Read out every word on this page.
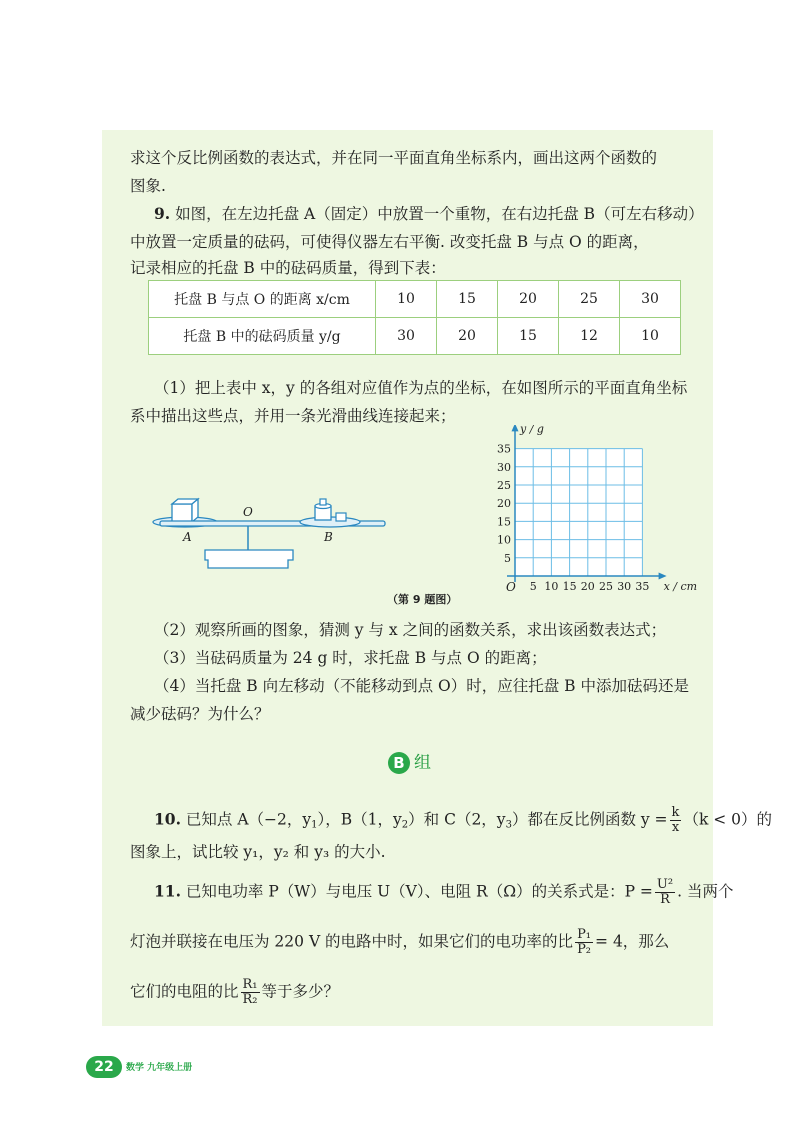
求这个反比例函数的表达式，并在同一平面直角坐标系内，画出这两个函数的
图象.
9. 如图，在左边托盘 A（固定）中放置一个重物，在右边托盘 B（可左右移动）
中放置一定质量的砝码，可使得仪器左右平衡. 改变托盘 B 与点 O 的距离，
记录相应的托盘 B 中的砝码质量，得到下表：
托盘 B 与点 O 的距离 x/cm	10	15	20	25	30
托盘 B 中的砝码质量 y/g	30	20	15	12	10
（1）把上表中 x，y 的各组对应值作为点的坐标，在如图所示的平面直角坐标
系中描出这些点，并用一条光滑曲线连接起来；
A
O
B
5
10
15
20
25
30
35
5 10 15 20 25 30 35
O	x / cm
y / g
（第 9 题图）
（2）观察所画的图象，猜测 y 与 x 之间的函数关系，求出该函数表达式；
（3）当砝码质量为 24 g 时，求托盘 B 与点 O 的距离；
（4）当托盘 B 向左移动（不能移动到点 O）时，应往托盘 B 中添加砝码还是
减少砝码？为什么？
B 组
10. 已知点 A（−2，$y_1$），B（1，$y_2$）和 C（2，$y_3$）都在反比例函数 $y = \frac{k}{x} (k < 0)$的
图象上，试比较 y₁，y₂ 和 y₃ 的大小.
11. 已知电功率 P（W）与电压 U（V）、电阻 R（Ω）的关系式是：$P = \frac{\text{U²}}{R}$ . 当两个
灯泡并联接在电压为 220 V 的电路中时，如果它们的电功率的比 $\frac{\text{P₁}}{\text{P₂}} = 4$，那么
它们的电阻的比 $\frac{\text{R₁}}{\text{R₂}}$ 等于多少？
22	数学 九年级上册
